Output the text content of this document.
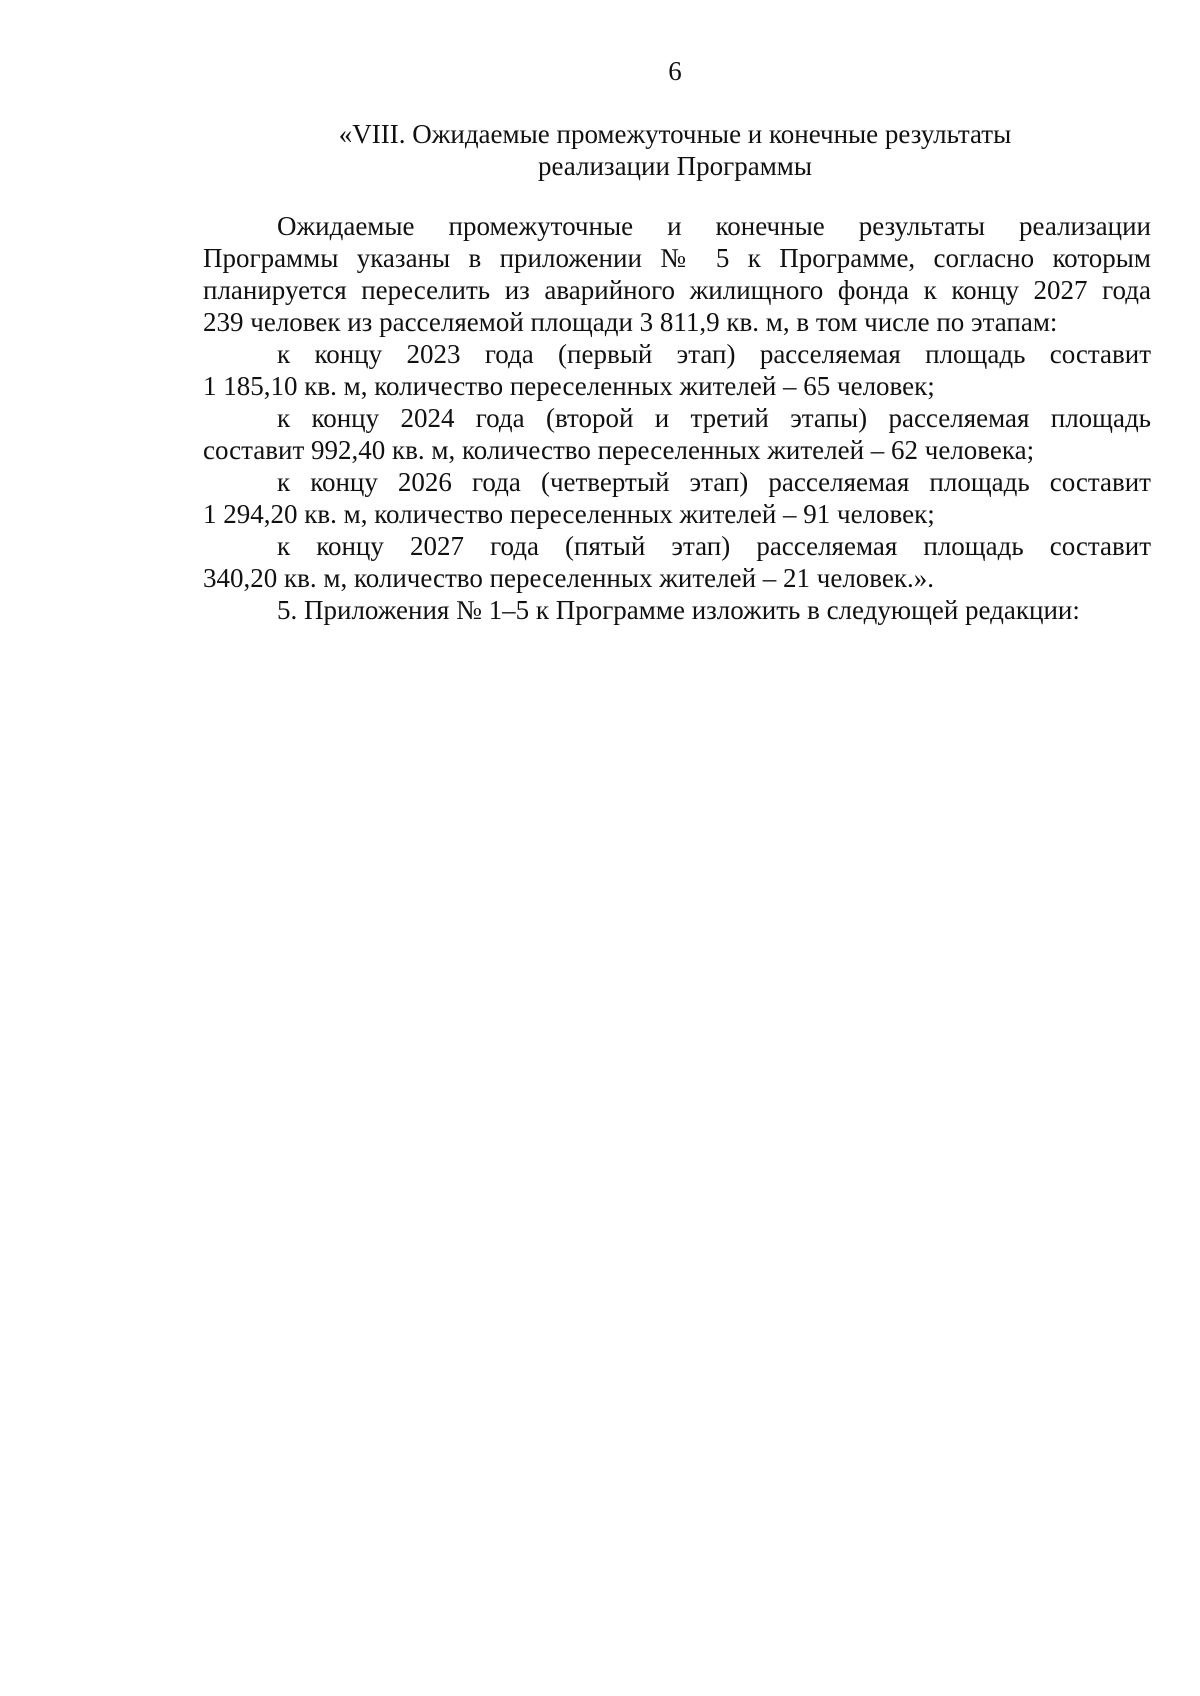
6
«VIII. Ожидаемые промежуточные и конечные результаты
реализации Программы
Ожидаемые промежуточные и конечные результаты реализации
Программы указаны в приложении № 5 к Программе, согласно которым
планируется переселить из аварийного жилищного фонда к концу 2027 года
239 человек из расселяемой площади 3 811,9 кв. м, в том числе по этапам:
к концу 2023 года (первый этап) расселяемая площадь составит
1 185,10 кв. м, количество переселенных жителей – 65 человек;
к концу 2024 года (второй и третий этапы) расселяемая площадь
составит 992,40 кв. м, количество переселенных жителей – 62 человека;
к концу 2026 года (четвертый этап) расселяемая площадь составит
1 294,20 кв. м, количество переселенных жителей – 91 человек;
к концу 2027 года (пятый этап) расселяемая площадь составит
340,20 кв. м, количество переселенных жителей – 21 человек.».
5. Приложения № 1–5 к Программе изложить в следующей редакции:
